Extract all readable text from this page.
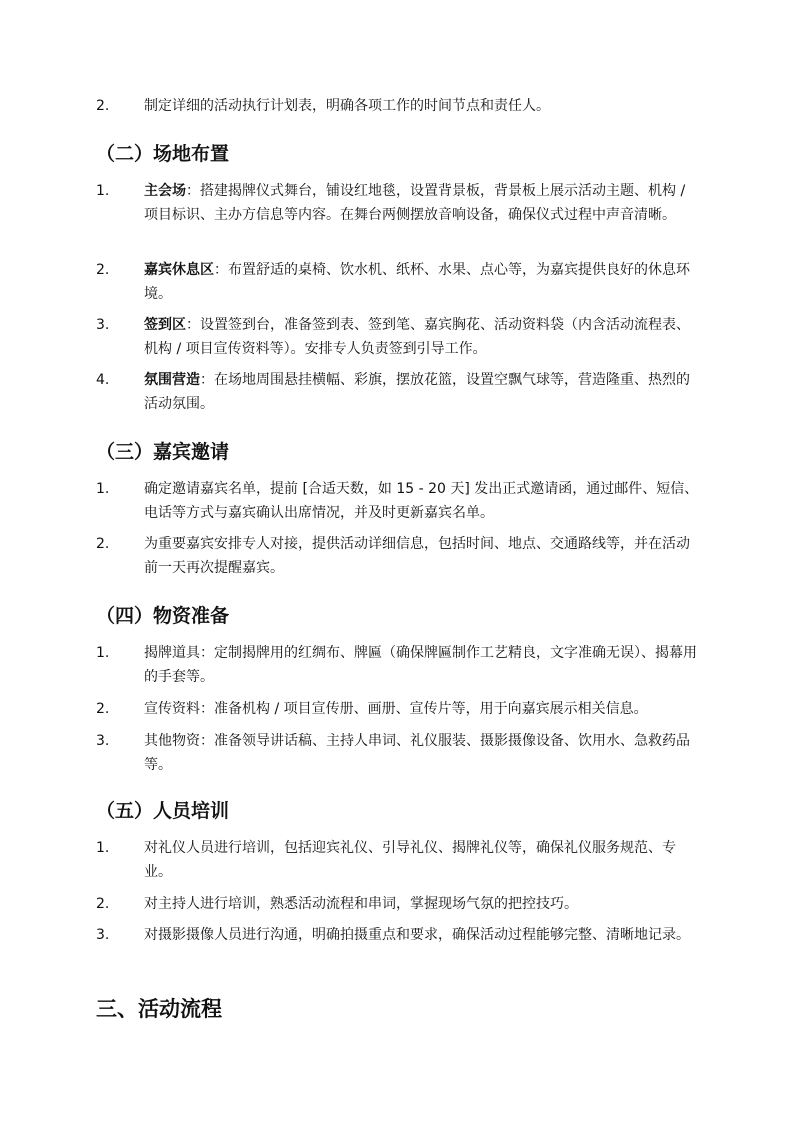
2.	制定详细的活动执行计划表，明确各项工作的时间节点和责任人。
（二）场地布置
1.	主会场：搭建揭牌仪式舞台，铺设红地毯，设置背景板，背景板上展示活动主题、机构 / 项目标识、主办方信息等内容。在舞台两侧摆放音响设备，确保仪式过程中声音清晰。
2.	嘉宾休息区：布置舒适的桌椅、饮水机、纸杯、水果、点心等，为嘉宾提供良好的休息环境。
3.	签到区：设置签到台，准备签到表、签到笔、嘉宾胸花、活动资料袋（内含活动流程表、机构 / 项目宣传资料等）。安排专人负责签到引导工作。
4.	氛围营造：在场地周围悬挂横幅、彩旗，摆放花篮，设置空飘气球等，营造隆重、热烈的活动氛围。
（三）嘉宾邀请
1.	确定邀请嘉宾名单，提前 [合适天数，如 15 - 20 天] 发出正式邀请函，通过邮件、短信、电话等方式与嘉宾确认出席情况，并及时更新嘉宾名单。
2.	为重要嘉宾安排专人对接，提供活动详细信息，包括时间、地点、交通路线等，并在活动前一天再次提醒嘉宾。
（四）物资准备
1.	揭牌道具：定制揭牌用的红绸布、牌匾（确保牌匾制作工艺精良，文字准确无误）、揭幕用的手套等。
2.	宣传资料：准备机构 / 项目宣传册、画册、宣传片等，用于向嘉宾展示相关信息。
3.	其他物资：准备领导讲话稿、主持人串词、礼仪服装、摄影摄像设备、饮用水、急救药品等。
（五）人员培训
1.	对礼仪人员进行培训，包括迎宾礼仪、引导礼仪、揭牌礼仪等，确保礼仪服务规范、专业。
2.	对主持人进行培训，熟悉活动流程和串词，掌握现场气氛的把控技巧。
3.	对摄影摄像人员进行沟通，明确拍摄重点和要求，确保活动过程能够完整、清晰地记录。
三、活动流程
